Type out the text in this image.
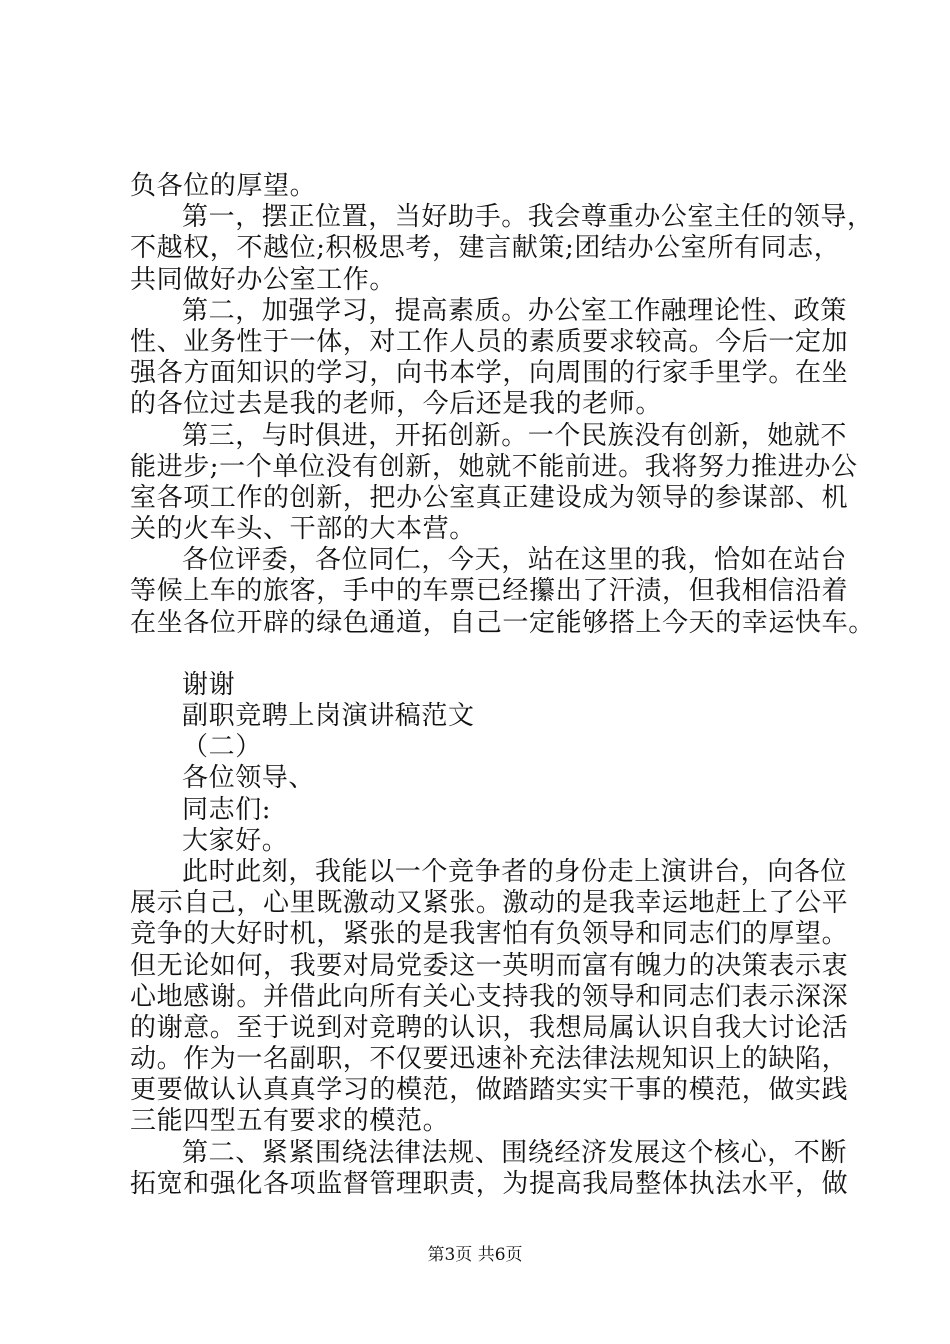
负各位的厚望。
第一，摆正位置，当好助手。我会尊重办公室主任的领导，
不越权，不越位;积极思考，建言献策;团结办公室所有同志，
共同做好办公室工作。
第二，加强学习，提高素质。办公室工作融理论性、政策
性、业务性于一体，对工作人员的素质要求较高。今后一定加
强各方面知识的学习，向书本学，向周围的行家手里学。在坐
的各位过去是我的老师，今后还是我的老师。
第三，与时俱进，开拓创新。一个民族没有创新，她就不
能进步;一个单位没有创新，她就不能前进。我将努力推进办公
室各项工作的创新，把办公室真正建设成为领导的参谋部、机
关的火车头、干部的大本营。
各位评委，各位同仁，今天，站在这里的我，恰如在站台
等候上车的旅客，手中的车票已经攥出了汗渍，但我相信沿着
在坐各位开辟的绿色通道，自己一定能够搭上今天的幸运快车。
谢谢
副职竞聘上岗演讲稿范文
（二）
各位领导、
同志们:
大家好。
此时此刻，我能以一个竞争者的身份走上演讲台，向各位
展示自己，心里既激动又紧张。激动的是我幸运地赶上了公平
竞争的大好时机，紧张的是我害怕有负领导和同志们的厚望。
但无论如何，我要对局党委这一英明而富有魄力的决策表示衷
心地感谢。并借此向所有关心支持我的领导和同志们表示深深
的谢意。至于说到对竞聘的认识，我想局属认识自我大讨论活
动。作为一名副职，不仅要迅速补充法律法规知识上的缺陷，
更要做认认真真学习的模范，做踏踏实实干事的模范，做实践
三能四型五有要求的模范。
第二、紧紧围绕法律法规、围绕经济发展这个核心，不断
拓宽和强化各项监督管理职责，为提高我局整体执法水平，做
第3页 共6页
